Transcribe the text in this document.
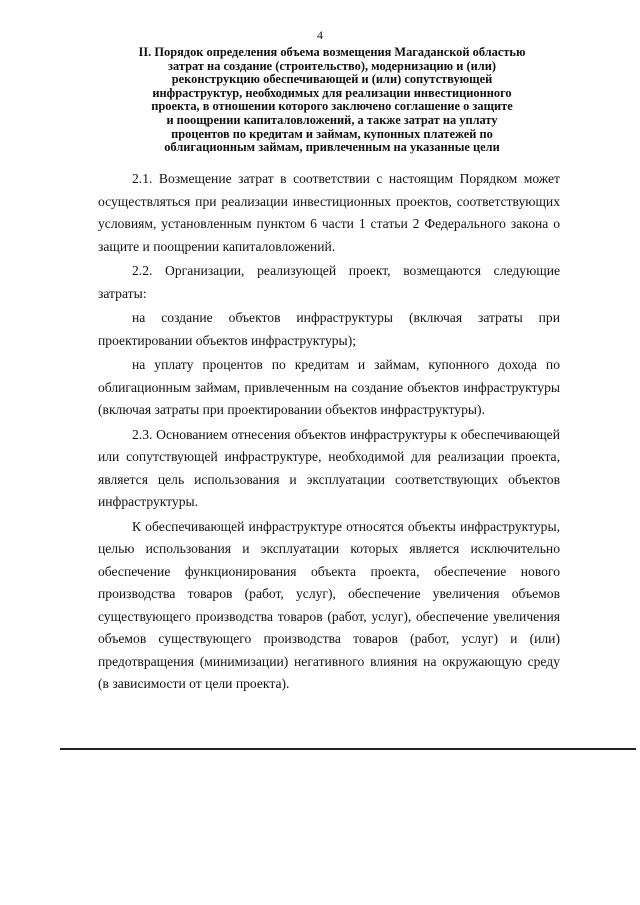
4
II. Порядок определения объема возмещения Магаданской областью
затрат на создание (строительство), модернизацию и (или)
реконструкцию обеспечивающей и (или) сопутствующей
инфраструктур, необходимых для реализации инвестиционного
проекта, в отношении которого заключено соглашение о защите
и поощрении капиталовложений, а также затрат на уплату
процентов по кредитам и займам, купонных платежей по
облигационным займам, привлеченным на указанные цели

2.1. Возмещение затрат в соответствии с настоящим Порядком может осуществляться при реализации инвестиционных проектов, соответствующих условиям, установленным пунктом 6 части 1 статьи 2 Федерального закона о защите и поощрении капиталовложений.

2.2. Организации, реализующей проект, возмещаются следующие затраты:

на создание объектов инфраструктуры (включая затраты при проектировании объектов инфраструктуры);

на уплату процентов по кредитам и займам, купонного дохода по облигационным займам, привлеченным на создание объектов инфраструктуры (включая затраты при проектировании объектов инфраструктуры).

2.3. Основанием отнесения объектов инфраструктуры к обеспечивающей или сопутствующей инфраструктуре, необходимой для реализации проекта, является цель использования и эксплуатации соответствующих объектов инфраструктуры.

К обеспечивающей инфраструктуре относятся объекты инфраструктуры, целью использования и эксплуатации которых является исключительно обеспечение функционирования объекта проекта, обеспечение нового производства товаров (работ, услуг), обеспечение увеличения объемов существующего производства товаров (работ, услуг), обеспечение увеличения объемов существующего производства товаров (работ, услуг) и (или) предотвращения (минимизации) негативного влияния на окружающую среду (в зависимости от цели проекта).
